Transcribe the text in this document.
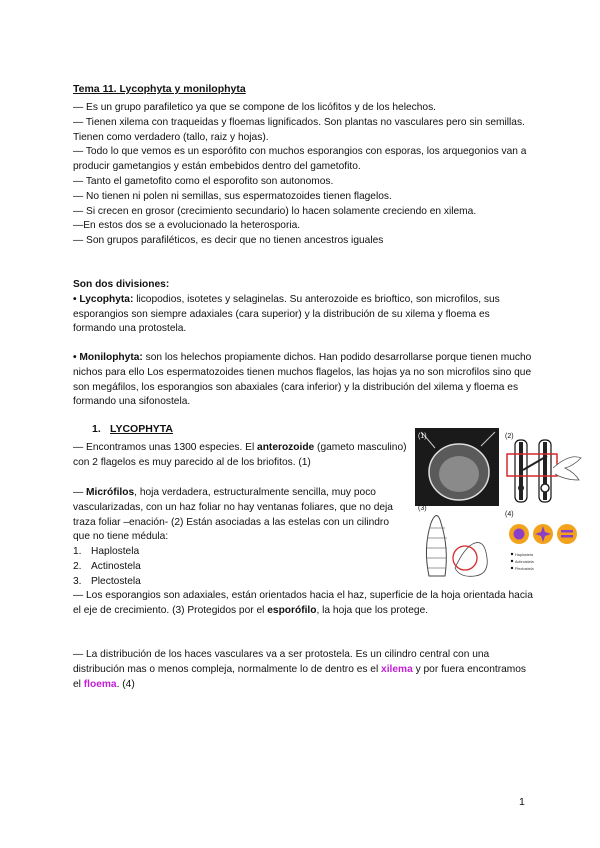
Tema 11. Lycophyta y monilophyta

— Es un grupo parafiletico ya que se compone de los licófitos y de los helechos.

— Tienen xilema con traqueidas y floemas lignificados. Son plantas no vasculares pero sin semillas. Tienen como verdadero (tallo, raiz y hojas).

— Todo lo que vemos es un esporófito con muchos esporangios con esporas, los arquegonios van a producir gametangios y están embebidos dentro del gametofito.

— Tanto el gametofito como el esporofito son autonomos.

— No tienen ni polen ni semillas, sus espermatozoides tienen flagelos.

— Si crecen en grosor (crecimiento secundario) lo hacen solamente creciendo en xilema.

—En estos dos se a evolucionado la heterosporia.

— Son grupos parafiléticos, es decir que no tienen ancestros iguales

Son dos divisiones:

• Lycophyta: licopodios, isotetes y selaginelas. Su anterozoide es brioftico, son microfilos, sus esporangios son siempre adaxiales (cara superior) y la distribución de su xilema y floema es formando una protostela.

• Monilophyta: son los helechos propiamente dichos. Han podido desarrollarse porque tienen mucho nichos para ello Los espermatozoides tienen muchos flagelos, las hojas ya no son microfilos sino que son megáfilos, los esporangios son abaxiales (cara inferior) y la distribución del xilema y floema es formando una sifonostela.

1. LYCOPHYTA

— Encontramos unas 1300 especies. El anterozoide (gameto masculino) con 2 flagelos es muy parecido al de los briofitos. (1)

— Micrófilos, hoja verdadera, estructuralmente sencilla, muy poco vascularizadas, con un haz foliar no hay ventanas foliares, que no deja traza foliar –enación- (2) Están asociadas a las estelas con un cilindro que no tiene médula:

1. Haplostela
2. Actinostela
3. Plectostela

— Los esporangios son adaxiales, están orientados hacia el haz, superficie de la hoja orientada hacia el eje de crecimiento. (3) Protegidos por el esporófilo, la hoja que los protege.

— La distribución de los haces vasculares va a ser protostela. Es un cilindro central con una distribución mas o menos compleja, normalmente lo de dentro es el xilema y por fuera encontramos el floema. (4)

(1)	(2)
(3)
(4)
Haplostela
Actinostela
Plectostela
1
